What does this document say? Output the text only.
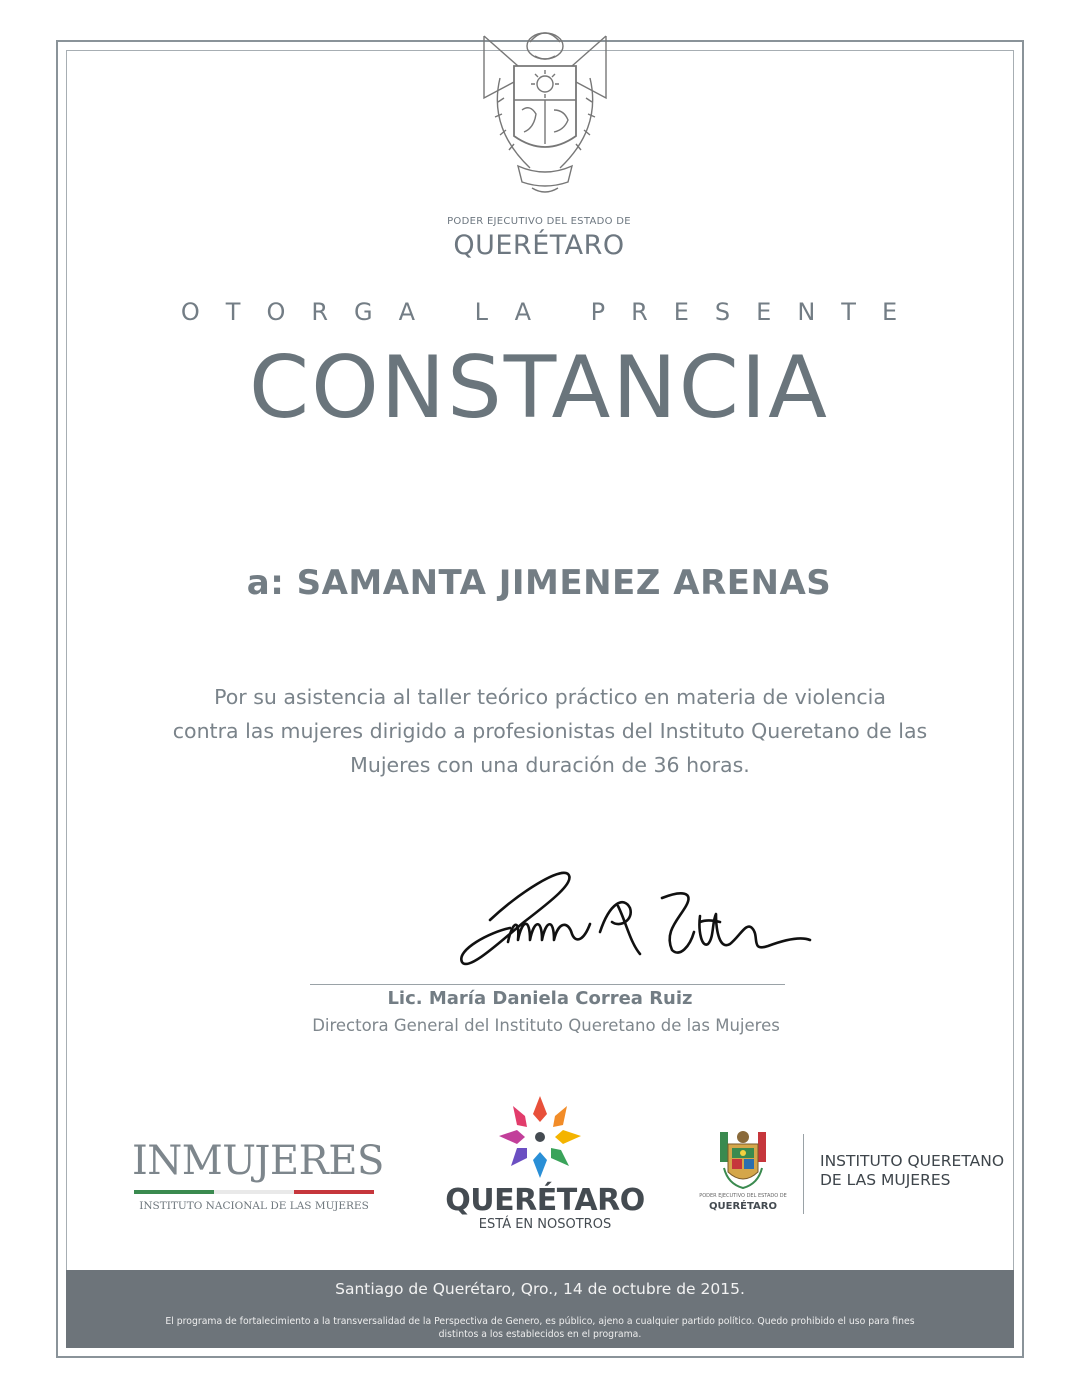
PODER EJECUTIVO DEL ESTADO DE
QUERÉTARO
OTORGA LA PRESENTE
CONSTANCIA
a: SAMANTA JIMENEZ ARENAS
Por su asistencia al taller teórico práctico en materia de violencia
contra las mujeres dirigido a profesionistas del Instituto Queretano de las
Mujeres con una duración de 36 horas.
Lic. María Daniela Correa Ruiz
Directora General del Instituto Queretano de las Mujeres
INMUJERES
INSTITUTO NACIONAL DE LAS MUJERES	QUERÉTARO
ESTÁ EN NOSOTROS
PODER EJECUTIVO DEL ESTADO DE
QUERÉTARO
INSTITUTO QUERETANO
DE LAS MUJERES
Santiago de Querétaro, Qro., 14 de octubre de 2015.
El programa de fortalecimiento a la transversalidad de la Perspectiva de Genero, es público, ajeno a cualquier partido político. Quedo prohibido el uso para fines
distintos a los establecidos en el programa.
